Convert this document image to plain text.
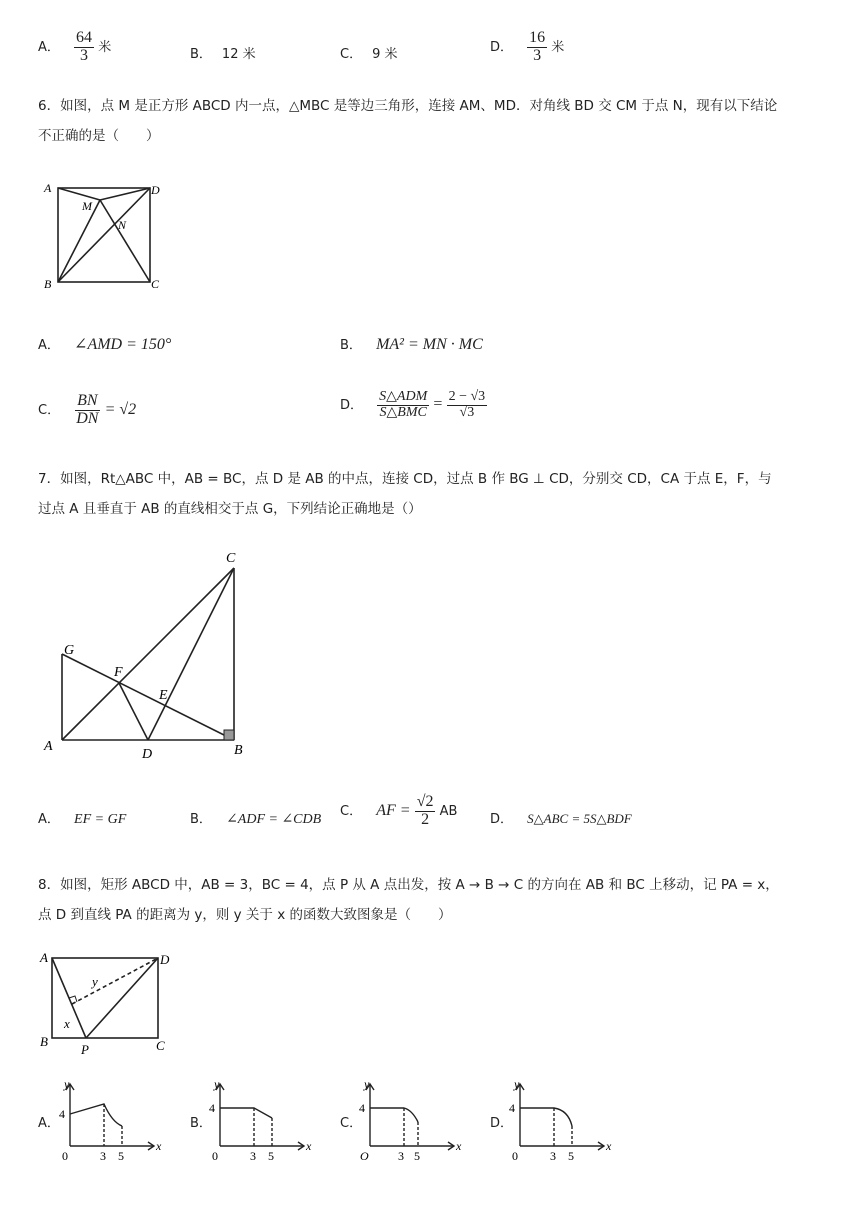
A． $\frac{64}{3}$ 米	B． 12 米	C． 9 米	D． $\frac{16}{3}$ 米
6．如图，点 M 是正方形 ABCD 内一点，△MBC 是等边三角形，连接 AM、MD．对角线 BD 交 CM 于点 N，现有以下结论
不正确的是（　　）
A	D
B	C
M
N
A． ∠AMD = 150°	B． MA² = MN · MC
C． $\frac{BN}{DN} = √2$	D． $\frac{\text{S△ADM}}{\text{S△BMC}} = \frac{2 - √3}{√3}$
7．如图，Rt△ABC 中，AB = BC，点 D 是 AB 的中点，连接 CD，过点 B 作 BG ⊥ CD，分别交 CD，CA 于点 E，F，与
过点 A 且垂直于 AB 的直线相交于点 G，下列结论正确地是（）
C
G
F
E
A
D	B
A． EF = GF	B． ∠ADF = ∠CDB
C． AF = $\frac{√2}{2}$ AB
D． S△ABC = 5S△BDF
8．如图，矩形 ABCD 中，AB = 3，BC = 4，点 P 从 A 点出发，按 A → B → C 的方向在 AB 和 BC 上移动，记 PA = x，
点 D 到直线 PA 的距离为 y，则 y 关于 x 的函数大致图象是（　　）
A	D
B	C
P
x
y
A．
y
x
4
3 5
0
B．
y
x
4
3 5
0
C．
y
x
4
3 5
O
D．
y
x
4
3 5
0
